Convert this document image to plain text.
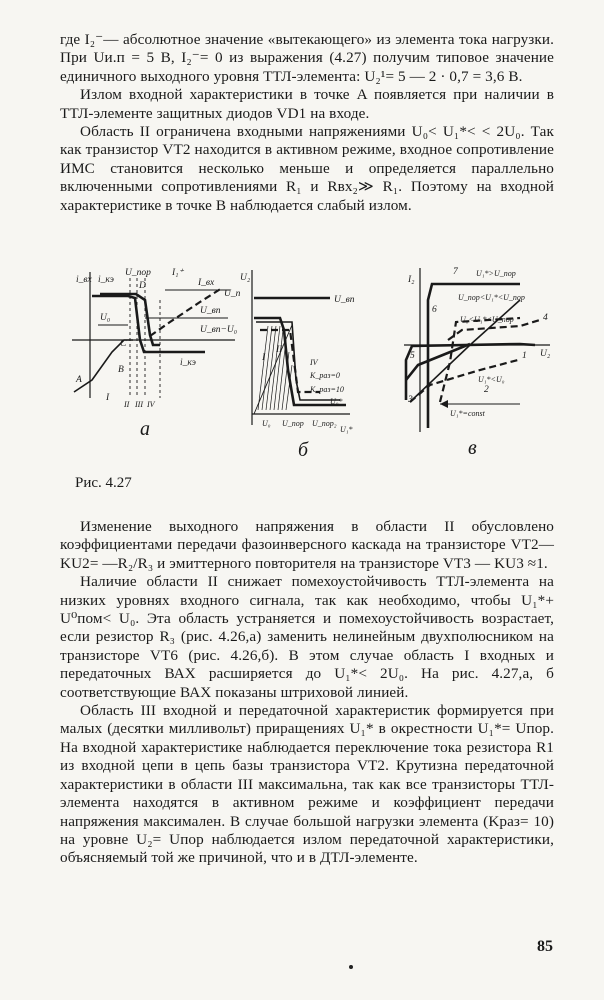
где I₂⁻— абсолютное значение «вытекающего» из элемента тока нагрузки. При Uи.п = 5 В, I₂⁻= 0 из выражения (4.27) получим типовое значение единичного выходного уровня ТТЛ-элемента: U₂¹= 5 — 2 · 0,7 = 3,6 В.

Излом входной характеристики в точке A появляется при наличии в ТТЛ-элементе защитных диодов VD1 на входе.

Область II ограничена входными напряжениями U₀< U₁*< < 2U₀. Так как транзистор VT2 находится в активном режиме, входное сопротивление ИМС становится несколько меньше и определяется параллельно включенными сопротивлениями R₁ и Rвх₂≫ R₁. Поэтому на входной характеристике в точке B наблюдается слабый излом.

i_вх i_кэ
U_пор I₁⁺
I_вх
U_п
A
B
C
D
I
II III IV
U₀
U_вп
U_вп−U₀
i_кэ
а
U₂
U_вп
I
II
IV
K_раз=0
K_раз=10
U₀*
U₀ U_пор U_пор₂
U₁*
б
I₂
U₁*>U_пор
U_пор<U₁*<U_пор
U₀<U₁*<U_пор
U₁*<U₀
U₁*=const
U₂
1
2
3
4
5
6
7
в
Рис. 4.27

Изменение выходного напряжения в области II обусловлено коэффициентами передачи фазоинверсного каскада на транзисторе VT2—KU2= —R₂/R₃ и эмиттерного повторителя на транзисторе VT3 — KU3 ≈1.

Наличие области II снижает помехоустойчивость ТТЛ-элемента на низких уровнях входного сигнала, так как необходимо, чтобы U₁*+ U⁰пом< U₀. Эта область устраняется и помехоустойчивость возрастает, если резистор R₃ (рис. 4.26,а) заменить нелинейным двухполюсником на транзисторе VT6 (рис. 4.26,б). В этом случае область I входных и передаточных ВАХ расширяется до U₁*< 2U₀. На рис. 4.27,а, б соответствующие ВАХ показаны штриховой линией.

Область III входной и передаточной характеристик формируется при малых (десятки милливольт) приращениях U₁* в окрестности U₁*= Uпор. На входной характеристике наблюдается переключение тока резистора R1 из входной цепи в цепь базы транзистора VT2. Крутизна передаточной характеристики в области III максимальна, так как все транзисторы ТТЛ-элемента находятся в активном режиме и коэффициент передачи напряжения максимален. В случае большой нагрузки элемента (Kраз= 10) на уровне U₂= Uпор наблюдается излом передаточной характеристики, объясняемый той же причиной, что и в ДТЛ-элементе.

85
